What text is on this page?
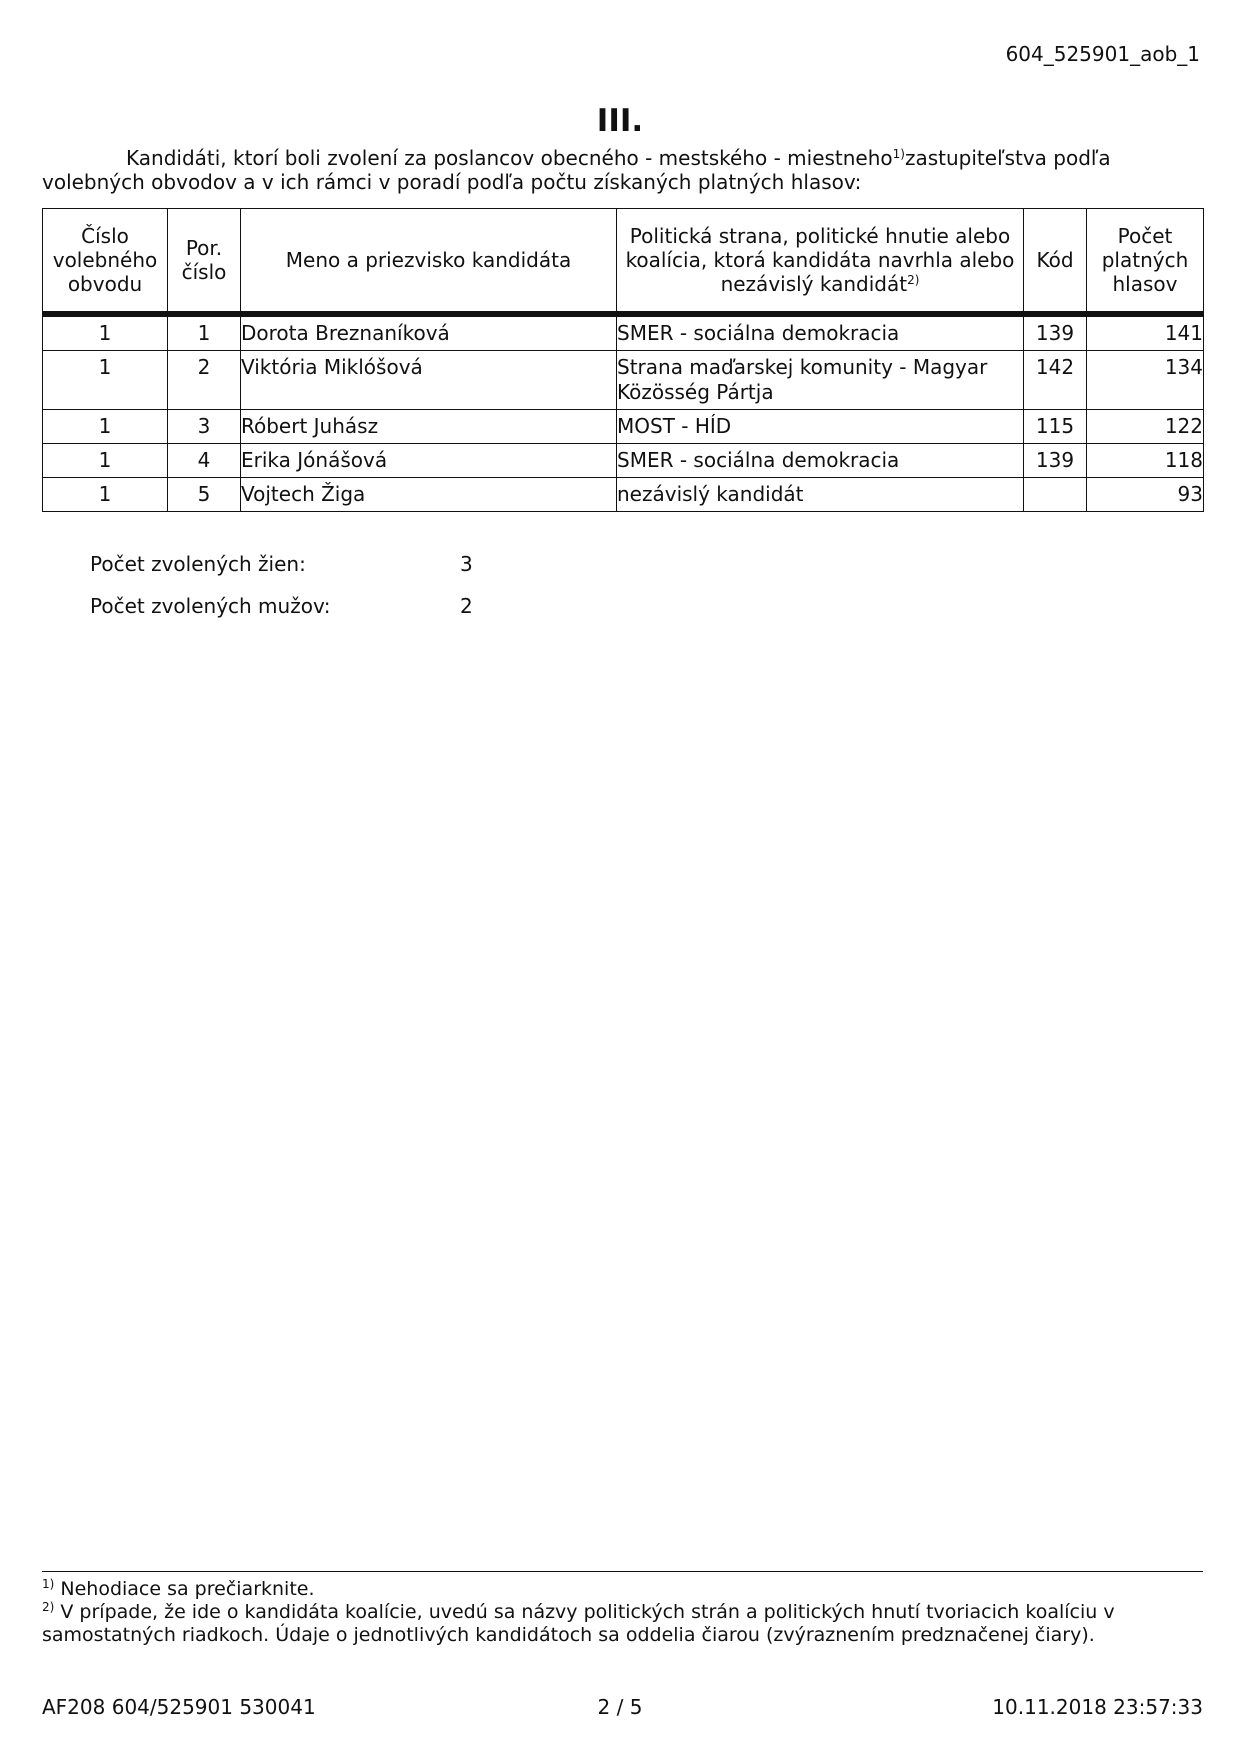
604_525901_aob_1
III.
Kandidáti, ktorí boli zvolení za poslancov obecného - mestského - miestneho$^{1)}$zastupiteľstva podľa volebných obvodov a v ich rámci v poradí podľa počtu získaných platných hlasov:
Číslo volebného obvodu	Por. číslo	Meno a priezvisko kandidáta	Politická strana, politické hnutie alebo koalícia, ktorá kandidáta navrhla alebo nezávislý kandidát$^{2)}$	Kód	Počet platných hlasov
1	1	Dorota Breznaníková	SMER - sociálna demokracia	139	141
1	2	Viktória Miklóšová	Strana maďarskej komunity - Magyar Közösség Pártja	142	134
1	3	Róbert Juhász	MOST - HÍD	115	122
1	4	Erika Jónášová	SMER - sociálna demokracia	139	118
1	5	Vojtech Žiga	nezávislý kandidát		93
Počet zvolených žien:	3
Počet zvolených mužov:	2

$^{1)}$ Nehodiace sa prečiarknite.

$^{2)}$ V prípade, že ide o kandidáta koalície, uvedú sa názvy politických strán a politických hnutí tvoriacich koalíciu v samostatných riadkoch. Údaje o jednotlivých kandidátoch sa oddelia čiarou (zvýraznením predznačenej čiary).

AF208 604/525901 530041	2 / 5	10.11.2018 23:57:33
